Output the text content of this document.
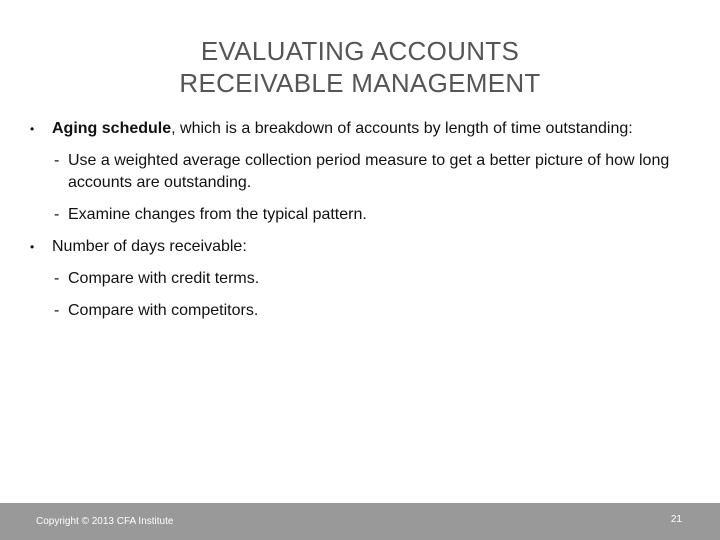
EVALUATING ACCOUNTS
RECEIVABLE MANAGEMENT
• Aging schedule, which is a breakdown of accounts by length of time outstanding:
- Use a weighted average collection period measure to get a better picture of how long accounts are outstanding.
- Examine changes from the typical pattern.
• Number of days receivable:
- Compare with credit terms.
- Compare with competitors.
Copyright © 2013 CFA Institute	21
